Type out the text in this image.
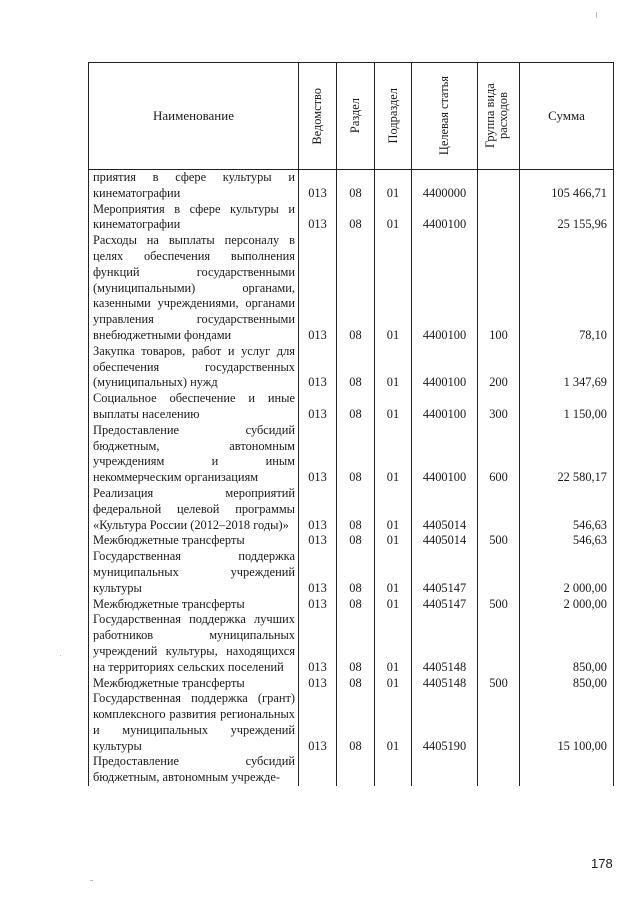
Наименование	Ведомство	Раздел	Подраздел	Целевая статья	Группа вида расходов	Сумма

приятия в сфере культуры и кинематографии	013	08	01	4400000		105 466,71

Мероприятия в сфере культуры и кинематографии	013	08	01	4400100		25 155,96

Расходы на выплаты персоналу в целях обеспечения выполнения функций государственными (муниципальными) органами, казенными учреждениями, органами управления государственными внебюджетными фондами	013	08	01	4400100	100	78,10

Закупка товаров, работ и услуг для обеспечения государственных (муниципальных) нужд	013	08	01	4400100	200	1 347,69

Социальное обеспечение и иные выплаты населению	013	08	01	4400100	300	1 150,00

Предоставление субсидий бюджетным, автономным учреждениям и иным некоммерческим организациям	013	08	01	4400100	600	22 580,17

Реализация мероприятий федеральной целевой программы «Культура России (2012–2018 годы)»	013	08	01	4405014		546,63

Межбюджетные трансферты	013	08	01	4405014	500	546,63

Государственная поддержка муниципальных учреждений культуры	013	08	01	4405147		2 000,00

Межбюджетные трансферты	013	08	01	4405147	500	2 000,00

Государственная поддержка лучших работников муниципальных учреждений культуры, находящихся на территориях сельских поселений	013	08	01	4405148		850,00

Межбюджетные трансферты	013	08	01	4405148	500	850,00

Государственная поддержка (грант) комплексного развития региональных и муниципальных учреждений культуры	013	08	01	4405190		15 100,00

Предоставление субсидий бюджетным, автономным учрежде-						

178
